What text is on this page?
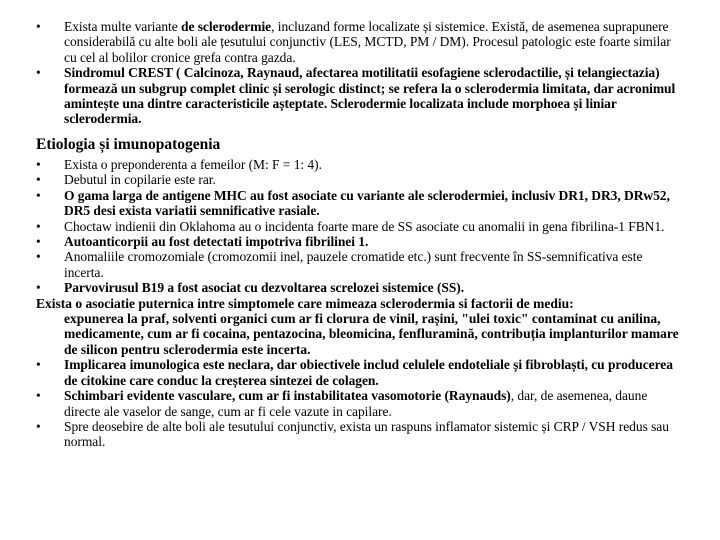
•	Exista multe variante de sclerodermie, incluzand forme localizate și sistemice. Există, de asemenea suprapunere considerabilă cu alte boli ale țesutului conjunctiv (LES, MCTD, PM / DM). Procesul patologic este foarte similar cu cel al bolilor cronice grefa contra gazda.
•	Sindromul CREST ( Calcinoza, Raynaud, afectarea motilitatii esofagiene sclerodactilie, și telangiectazia) formează un subgrup complet clinic și serologic distinct; se refera la o sclerodermia limitata, dar acronimul amintește una dintre caracteristicile așteptate. Sclerodermie localizata include morphoea și liniar sclerodermia.
Etiologia și imunopatogenia
•	Exista o preponderenta a femeilor (M: F = 1: 4).
•	Debutul in copilarie este rar.
•	O gama larga de antigene MHC au fost asociate cu variante ale sclerodermiei, inclusiv DR1, DR3, DRw52, DR5 desi exista variatii semnificative rasiale.
•	Choctaw indienii din Oklahoma au o incidenta foarte mare de SS asociate cu anomalii in gena fibrilina-1 FBN1.
•	Autoanticorpii au fost detectati impotriva fibrilinei 1.
•	Anomaliile cromozomiale (cromozomii inel, pauzele cromatide etc.) sunt frecvente în SS-semnificativa este incerta.
•	Parvovirusul B19 a fost asociat cu dezvoltarea screlozei sistemice (SS).
Exista o asociatie puternica intre simptomele care mimeaza sclerodermia si factorii de mediu:
expunerea la praf, solventi organici cum ar fi clorura de vinil, rașini, "ulei toxic" contaminat cu anilina, medicamente, cum ar fi cocaina, pentazocina, bleomicina, fenfluramină, contribuția implanturilor mamare de silicon pentru sclerodermia este incerta.
•	Implicarea imunologica este neclara, dar obiectivele includ celulele endoteliale și fibroblaști, cu producerea de citokine care conduc la creșterea sintezei de colagen.
•	Schimbari evidente vasculare, cum ar fi instabilitatea vasomotorie (Raynauds), dar, de asemenea, daune directe ale vaselor de sange, cum ar fi cele vazute in capilare.
•	Spre deosebire de alte boli ale tesutului conjunctiv, exista un raspuns inflamator sistemic și CRP / VSH redus sau normal.
